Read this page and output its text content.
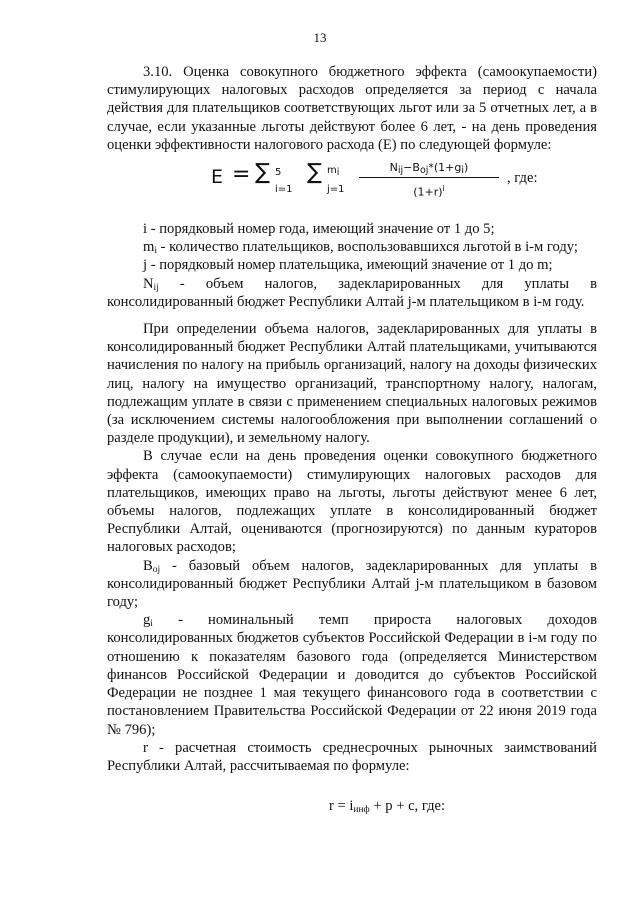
13

3.10. Оценка совокупного бюджетного эффекта (самоокупаемости) стимулирующих налоговых расходов определяется за период с начала действия для плательщиков соответствующих льгот или за 5 отчетных лет, а в случае, если указанные льготы действуют более 6 лет, - на день проведения оценки эффективности налогового расхода (Е) по следующей формуле:

E = ∑ 5
i=1
∑ $m_i$
j=1
$N_{ij}-B_{oj}*(1+g_i)$
$(1+r)^i$
, где:

i - порядковый номер года, имеющий значение от 1 до 5;

$m_i$ - количество плательщиков, воспользовавшихся льготой в i-м году;

j - порядковый номер плательщика, имеющий значение от 1 до m;

$N_{ij}$ - объем налогов, задекларированных для уплаты в консолидированный бюджет Республики Алтай j-м плательщиком в i-м году.

При определении объема налогов, задекларированных для уплаты в консолидированный бюджет Республики Алтай плательщиками, учитываются начисления по налогу на прибыль организаций, налогу на доходы физических лиц, налогу на имущество организаций, транспортному налогу, налогам, подлежащим уплате в связи с применением специальных налоговых режимов (за исключением системы налогообложения при выполнении соглашений о разделе продукции), и земельному налогу.

В случае если на день проведения оценки совокупного бюджетного эффекта (самоокупаемости) стимулирующих налоговых расходов для плательщиков, имеющих право на льготы, льготы действуют менее 6 лет, объемы налогов, подлежащих уплате в консолидированный бюджет Республики Алтай, оцениваются (прогнозируются) по данным кураторов налоговых расходов;

$B_{oj}$ - базовый объем налогов, задекларированных для уплаты в консолидированный бюджет Республики Алтай j-м плательщиком в базовом году;

$g_i$ - номинальный темп прироста налоговых доходов консолидированных бюджетов субъектов Российской Федерации в i-м году по отношению к показателям базового года (определяется Министерством финансов Российской Федерации и доводится до субъектов Российской Федерации не позднее 1 мая текущего финансового года в соответствии с постановлением Правительства Российской Федерации от 22 июня 2019 года № 796);

r - расчетная стоимость среднесрочных рыночных заимствований Республики Алтай, рассчитываемая по формуле:

$r = i_{инф} + p + c$, где:
